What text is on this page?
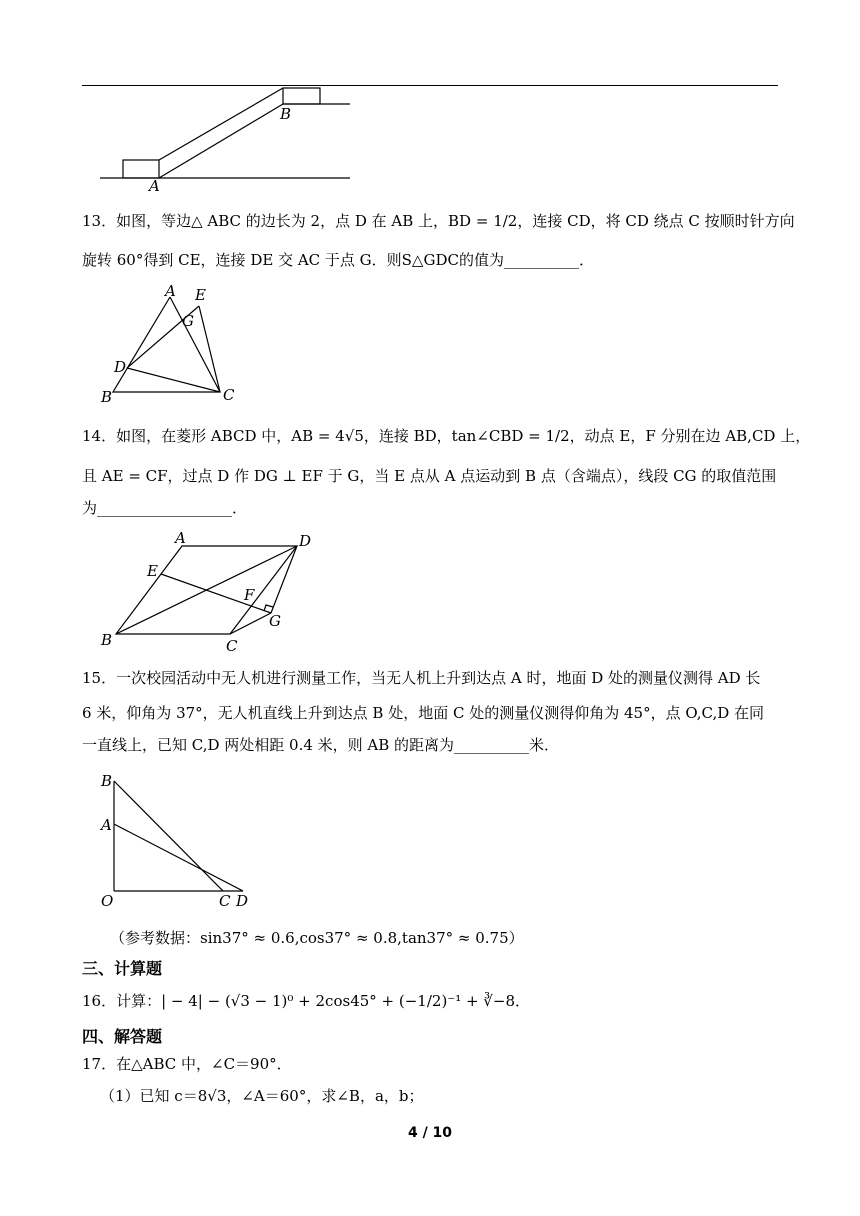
A
B
13．如图，等边△ ABC 的边长为 2，点 D 在 AB 上，BD = 1/2，连接 CD，将 CD 绕点 C 按顺时针方向
旋转 60°得到 CE，连接 DE 交 AC 于点 G．则S△GDC的值为__________．
A E
G
D
B	C
14．如图，在菱形 ABCD 中，AB = 4√5，连接 BD，tan∠CBD = 1/2，动点 E，F 分别在边 AB,CD 上，
且 AE = CF，过点 D 作 DG ⊥ EF 于 G，当 E 点从 A 点运动到 B 点（含端点），线段 CG 的取值范围
为__________________．
A	D
E
F
B	C
G
15．一次校园活动中无人机进行测量工作，当无人机上升到达点 A 时，地面 D 处的测量仪测得 AD 长
6 米，仰角为 37°，无人机直线上升到达点 B 处，地面 C 处的测量仪测得仰角为 45°，点 O,C,D 在同
一直线上，已知 C,D 两处相距 0.4 米，则 AB 的距离为__________米．
B
A
O	C D
（参考数据：sin37° ≈ 0.6,cos37° ≈ 0.8,tan37° ≈ 0.75）
三、计算题
16．计算：| − 4| − (√3 − 1)⁰ + 2cos45° + (−1/2)⁻¹ + ∛−8．
四、解答题
17．在△ABC 中，∠C＝90°．
（1）已知 c＝8√3，∠A＝60°，求∠B，a，b；
4 / 10
